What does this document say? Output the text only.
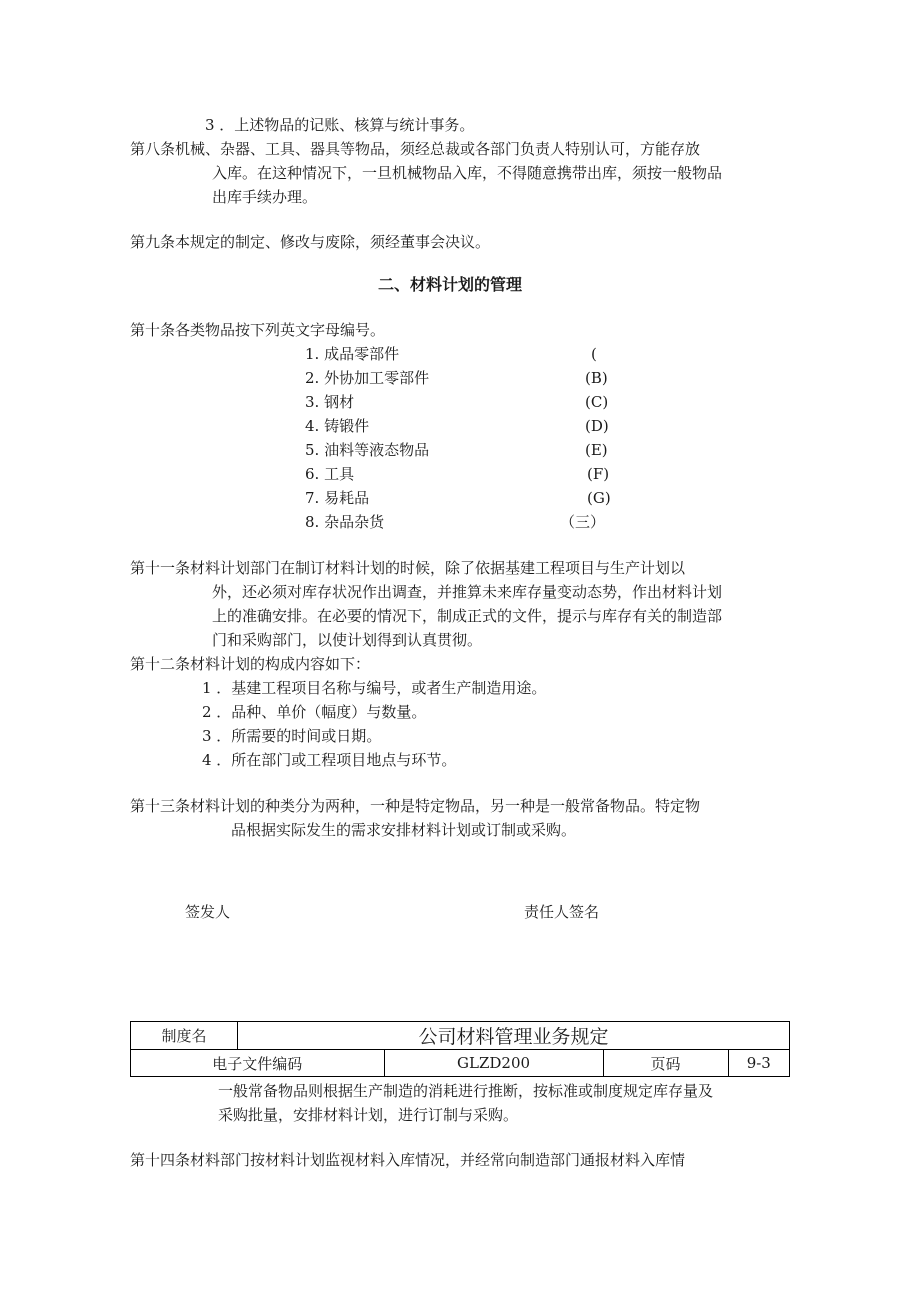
3 ．上述物品的记账、核算与统计事务。
第八条机械、杂器、工具、器具等物品，须经总裁或各部门负责人特别认可，方能存放
入库。在这种情况下，一旦机械物品入库，不得随意携带出库，须按一般物品
出库手续办理。
第九条本规定的制定、修改与废除，须经董事会决议。
二、材料计划的管理
第十条各类物品按下列英文字母编号。
1. 成品零部件	(
2. 外协加工零部件	(B)
3. 钢材	(C)
4. 铸锻件	(D)
5. 油料等液态物品	(E)
6. 工具	(F)
7. 易耗品	(G)
8. 杂品杂货	（三）
第十一条材料计划部门在制订材料计划的时候，除了依据基建工程项目与生产计划以
外，还必须对库存状况作出调查，并推算未来库存量变动态势，作出材料计划
上的准确安排。在必要的情况下，制成正式的文件，提示与库存有关的制造部
门和采购部门，以使计划得到认真贯彻。
第十二条材料计划的构成内容如下：
1 ．基建工程项目名称与编号，或者生产制造用途。
2 ．品种、单价（幅度）与数量。
3 ．所需要的时间或日期。
4 ．所在部门或工程项目地点与环节。
第十三条材料计划的种类分为两种，一种是特定物品，另一种是一般常备物品。特定物
品根据实际发生的需求安排材料计划或订制或采购。
签发人	责任人签名
制度名	公司材料管理业务规定			
电子文件编码		GLZD200	页码	9-3
一般常备物品则根据生产制造的消耗进行推断，按标准或制度规定库存量及
采购批量，安排材料计划，进行订制与采购。
第十四条材料部门按材料计划监视材料入库情况，并经常向制造部门通报材料入库情
